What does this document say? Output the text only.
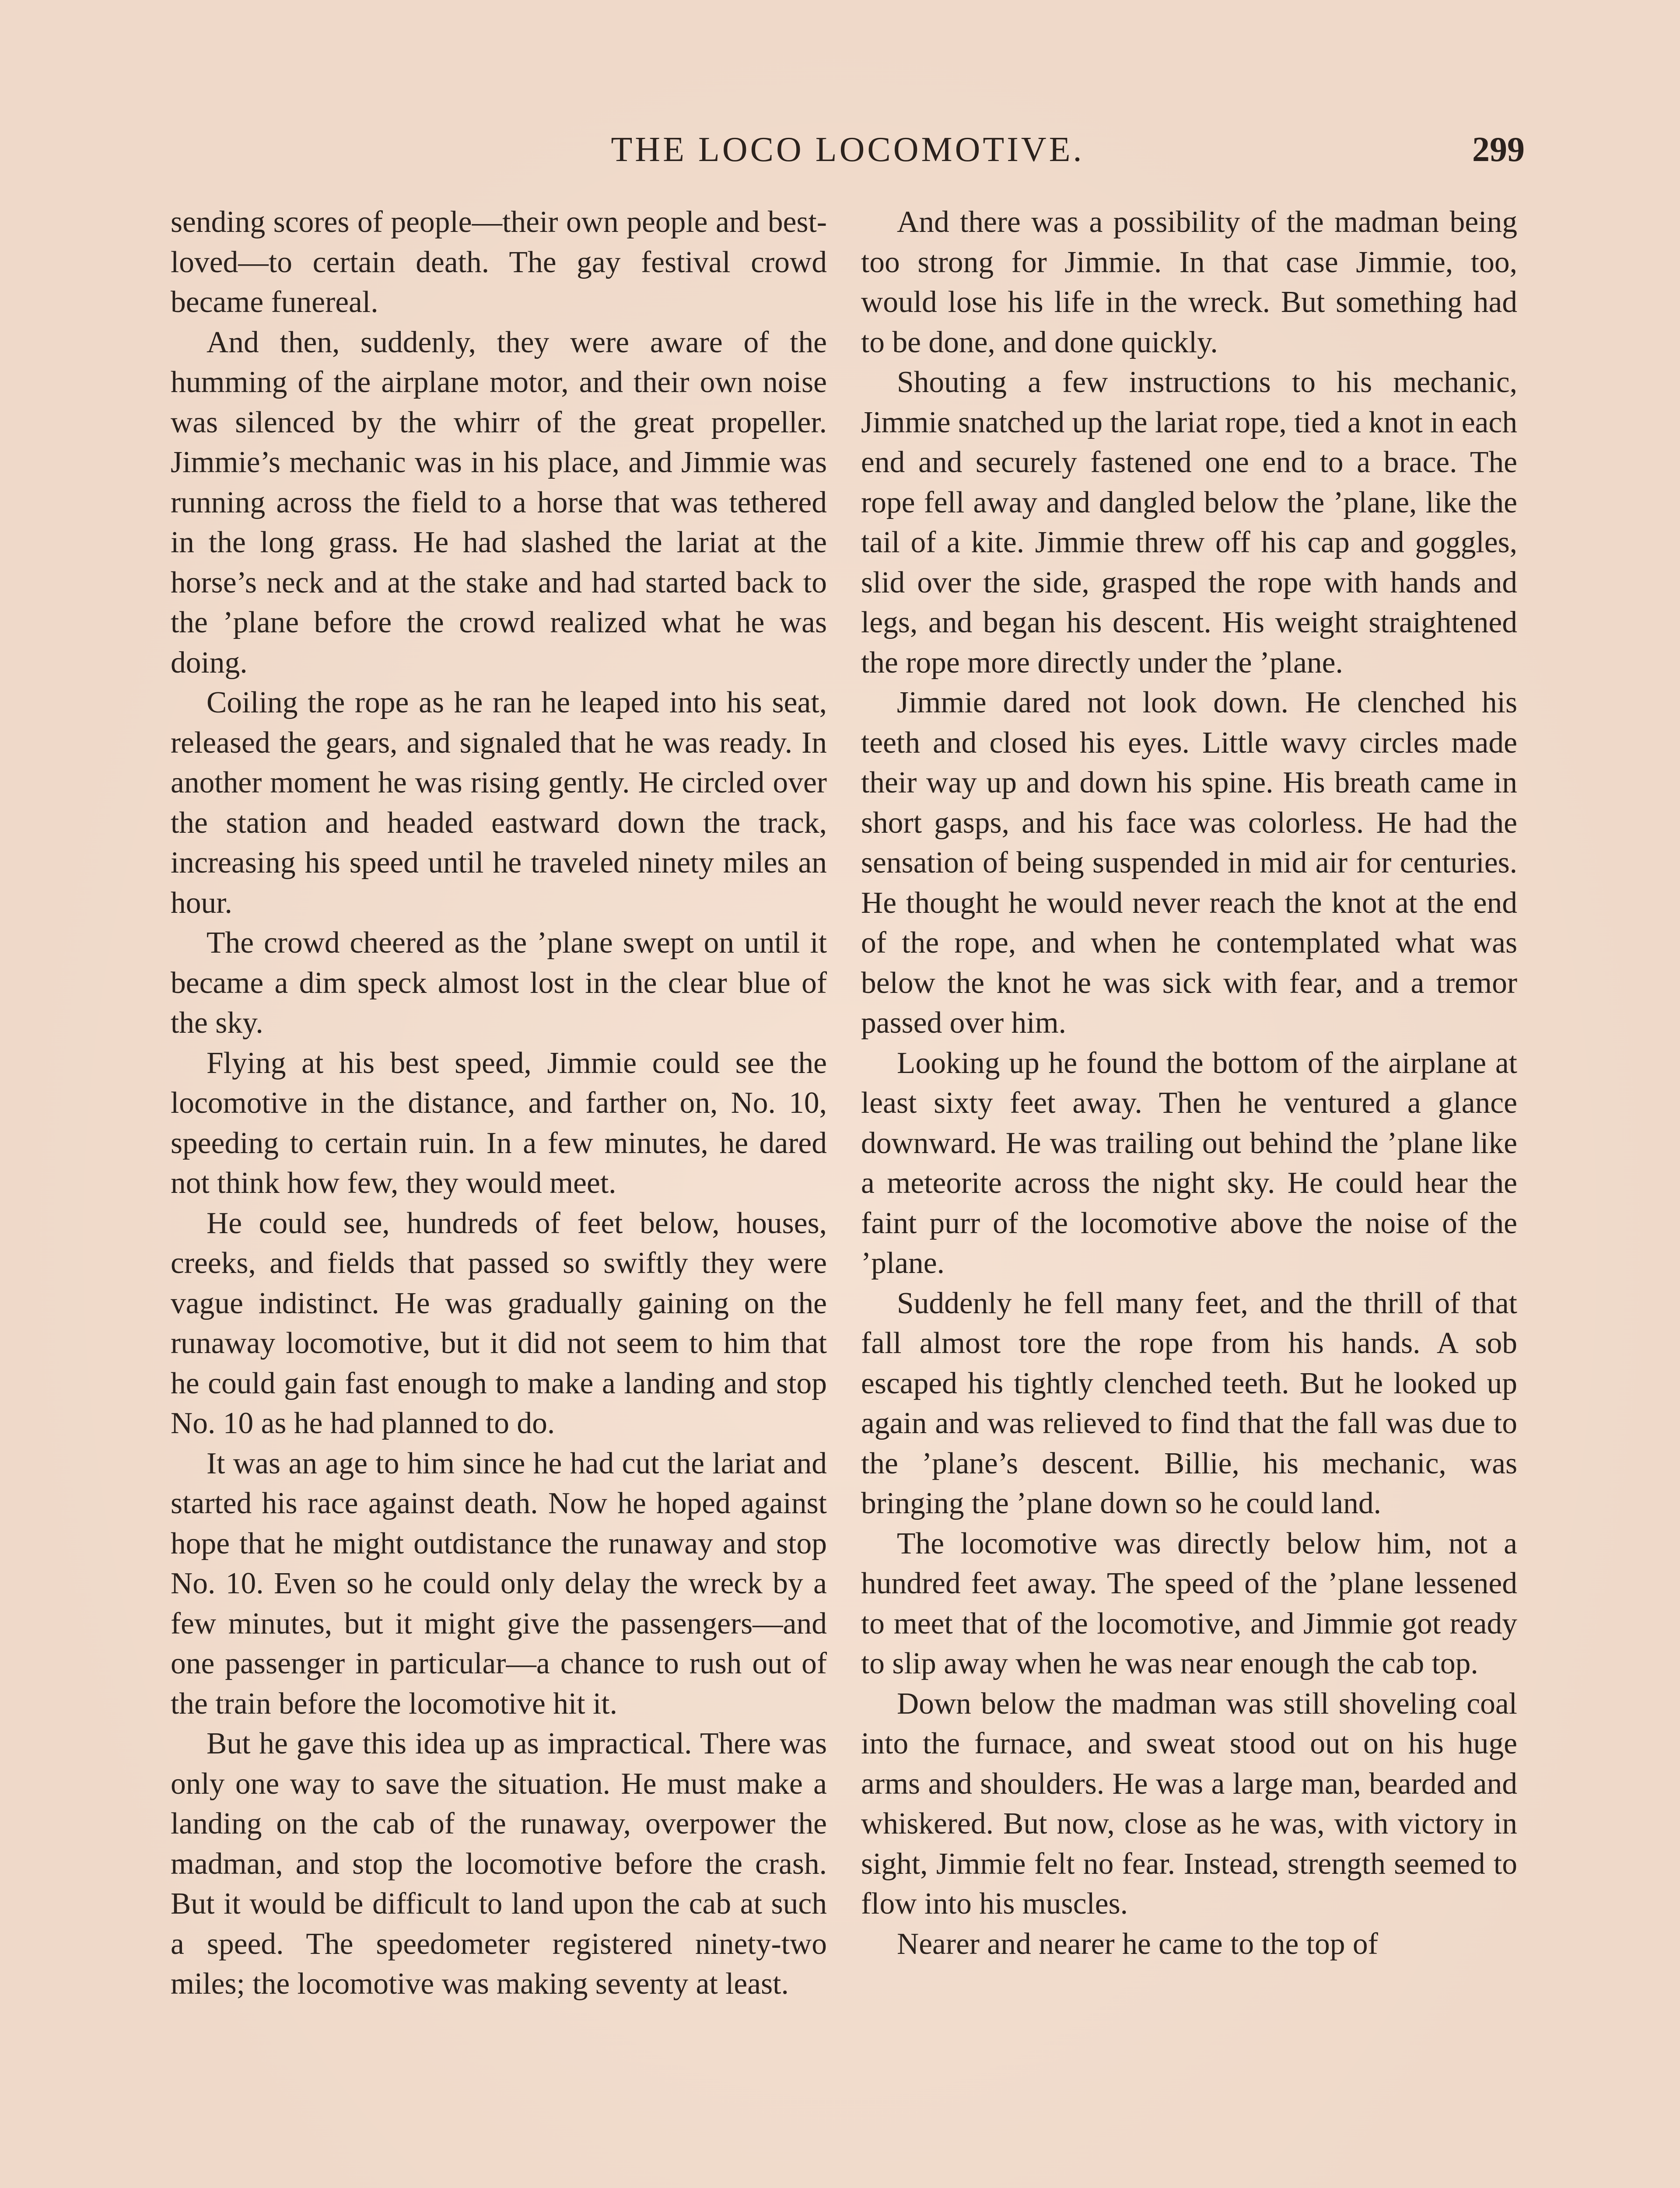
THE LOCO LOCOMOTIVE.	299

sending scores of people—their own people and best-loved—to certain death. The gay festival crowd became funereal.

And then, suddenly, they were aware of the humming of the airplane motor, and their own noise was silenced by the whirr of the great propeller. Jimmie’s mechanic was in his place, and Jimmie was running across the field to a horse that was tethered in the long grass. He had slashed the lariat at the horse’s neck and at the stake and had started back to the ’plane before the crowd realized what he was doing.

Coiling the rope as he ran he leaped into his seat, released the gears, and signaled that he was ready. In another moment he was rising gently. He circled over the station and headed eastward down the track, increasing his speed until he traveled ninety miles an hour.

The crowd cheered as the ’plane swept on until it became a dim speck almost lost in the clear blue of the sky.

Flying at his best speed, Jimmie could see the locomotive in the distance, and farther on, No. 10, speeding to certain ruin. In a few minutes, he dared not think how few, they would meet.

He could see, hundreds of feet below, houses, creeks, and fields that passed so swiftly they were vague indistinct. He was gradually gaining on the runaway locomotive, but it did not seem to him that he could gain fast enough to make a landing and stop No. 10 as he had planned to do.

It was an age to him since he had cut the lariat and started his race against death. Now he hoped against hope that he might outdistance the runaway and stop No. 10. Even so he could only delay the wreck by a few minutes, but it might give the passengers—and one passenger in particular—a chance to rush out of the train before the locomotive hit it.

But he gave this idea up as impractical. There was only one way to save the situation. He must make a landing on the cab of the runaway, overpower the madman, and stop the locomotive before the crash. But it would be difficult to land upon the cab at such a speed. The speedometer registered ninety-two miles; the locomotive was making seventy at least.

And there was a possibility of the madman being too strong for Jimmie. In that case Jimmie, too, would lose his life in the wreck. But something had to be done, and done quickly.

Shouting a few instructions to his mechanic, Jimmie snatched up the lariat rope, tied a knot in each end and securely fastened one end to a brace. The rope fell away and dangled below the ’plane, like the tail of a kite. Jimmie threw off his cap and goggles, slid over the side, grasped the rope with hands and legs, and began his descent. His weight straightened the rope more directly under the ’plane.

Jimmie dared not look down. He clenched his teeth and closed his eyes. Little wavy circles made their way up and down his spine. His breath came in short gasps, and his face was colorless. He had the sensation of being suspended in mid air for centuries. He thought he would never reach the knot at the end of the rope, and when he contemplated what was below the knot he was sick with fear, and a tremor passed over him.

Looking up he found the bottom of the airplane at least sixty feet away. Then he ventured a glance downward. He was trailing out behind the ’plane like a meteorite across the night sky. He could hear the faint purr of the locomotive above the noise of the ’plane.

Suddenly he fell many feet, and the thrill of that fall almost tore the rope from his hands. A sob escaped his tightly clenched teeth. But he looked up again and was relieved to find that the fall was due to the ’plane’s descent. Billie, his mechanic, was bringing the ’plane down so he could land.

The locomotive was directly below him, not a hundred feet away. The speed of the ’plane lessened to meet that of the locomotive, and Jimmie got ready to slip away when he was near enough the cab top.

Down below the madman was still shoveling coal into the furnace, and sweat stood out on his huge arms and shoulders. He was a large man, bearded and whiskered. But now, close as he was, with victory in sight, Jimmie felt no fear. Instead, strength seemed to flow into his muscles.

Nearer and nearer he came to the top of
